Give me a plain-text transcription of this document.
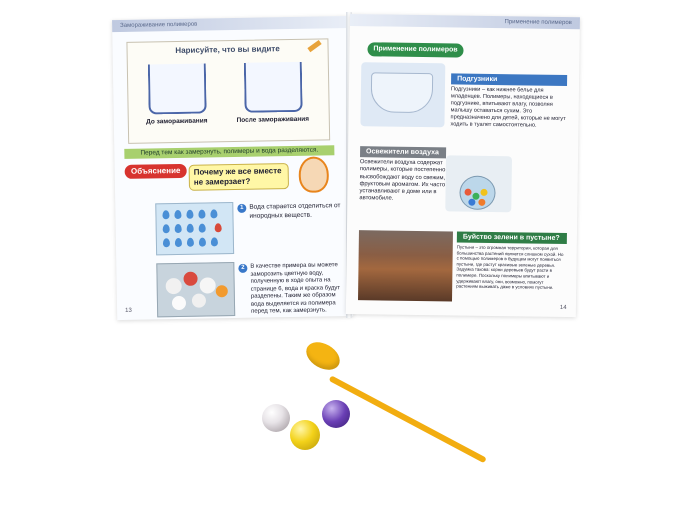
Замораживание полимеров
Нарисуйте, что вы видите
До замораживания	После замораживания
Перед тем как замерзнуть, полимеры и вода разделяются.
Объяснение	Почему же все вместе не замерзает?
1 Вода старается отделиться от инородных веществ.
2 В качестве примера вы можете заморозить цветную воду, полученную в ходе опыта на странице 6, вода и краска будут разделены. Таким же образом вода выделяется из полимера перед тем, как замерзнуть.
13
Применение полимеров
Применение полимеров
Подгузники
Подгузники – как нижнее белье для младенцев. Полимеры, находящиеся в подгузнике, впитывают влагу, позволяя малышу оставаться сухим. Это предназначено для детей, которые не могут ходить в туалет самостоятельно.
Освежители воздуха
Освежители воздуха содержат полимеры, которые постепенно высвобождают воду со свежим, фруктовым ароматом. Их часто устанавливают в доме или в автомобиле.
Буйство зелени в пустыне?
Пустыня – это огромная территория, которая для большинства растений является слишком сухой. Но с помощью полимеров в будущем могут появиться пустыни, где растут красивые зеленые деревья. Задумка такова: корни деревьев будут расти в полимере. Поскольку полимеры впитывают и удерживают влагу, они, возможно, помогут растениям выживать даже в условиях пустыни.
14
